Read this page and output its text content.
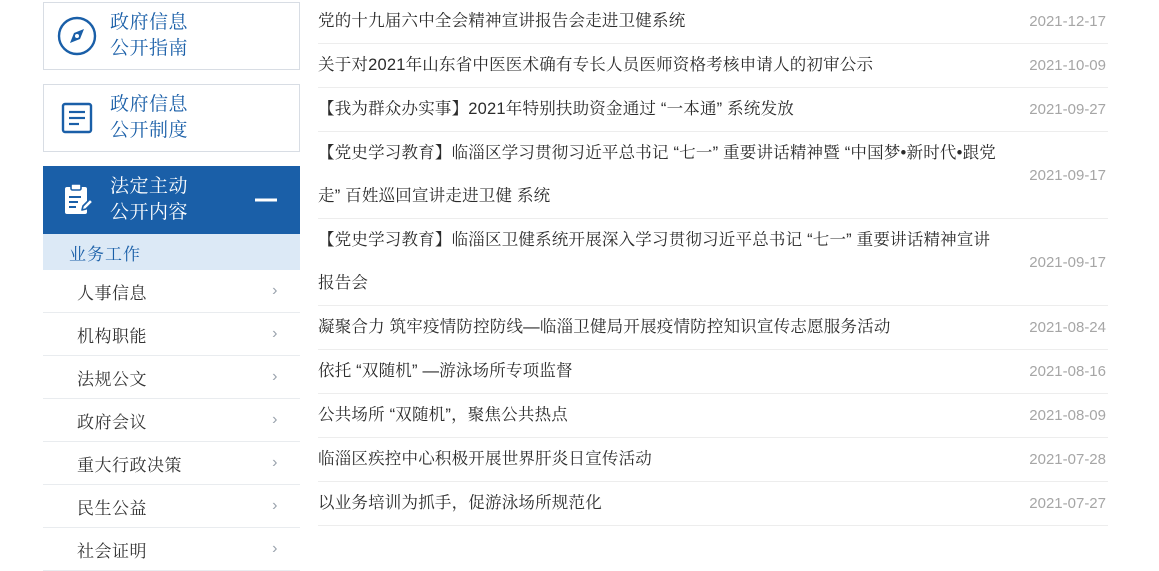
政府信息
公开指南
政府信息
公开制度
法定主动
公开内容
业务工作
人事信息	›
机构职能	›
法规公文	›
政府会议	›
重大行政决策	›
民生公益	›
社会证明	›
党的十九届六中全会精神宣讲报告会走进卫健系统	2021-12-17
关于对2021年山东省中医医术确有专长人员医师资格考核申请人的初审公示	2021-10-09
【我为群众办实事】2021年特别扶助资金通过 “一本通” 系统发放	2021-09-27
【党史学习教育】临淄区学习贯彻习近平总书记 “七一” 重要讲话精神暨 “中国梦•新时代•跟党走” 百姓巡回宣讲走进卫健 系统
2021-09-17
【党史学习教育】临淄区卫健系统开展深入学习贯彻习近平总书记 “七一” 重要讲话精神宣讲报告会
2021-09-17
凝聚合力 筑牢疫情防控防线—临淄卫健局开展疫情防控知识宣传志愿服务活动	2021-08-24
依托 “双随机” —游泳场所专项监督	2021-08-16
公共场所 “双随机”，聚焦公共热点	2021-08-09
临淄区疾控中心积极开展世界肝炎日宣传活动	2021-07-28
以业务培训为抓手，促游泳场所规范化	2021-07-27
